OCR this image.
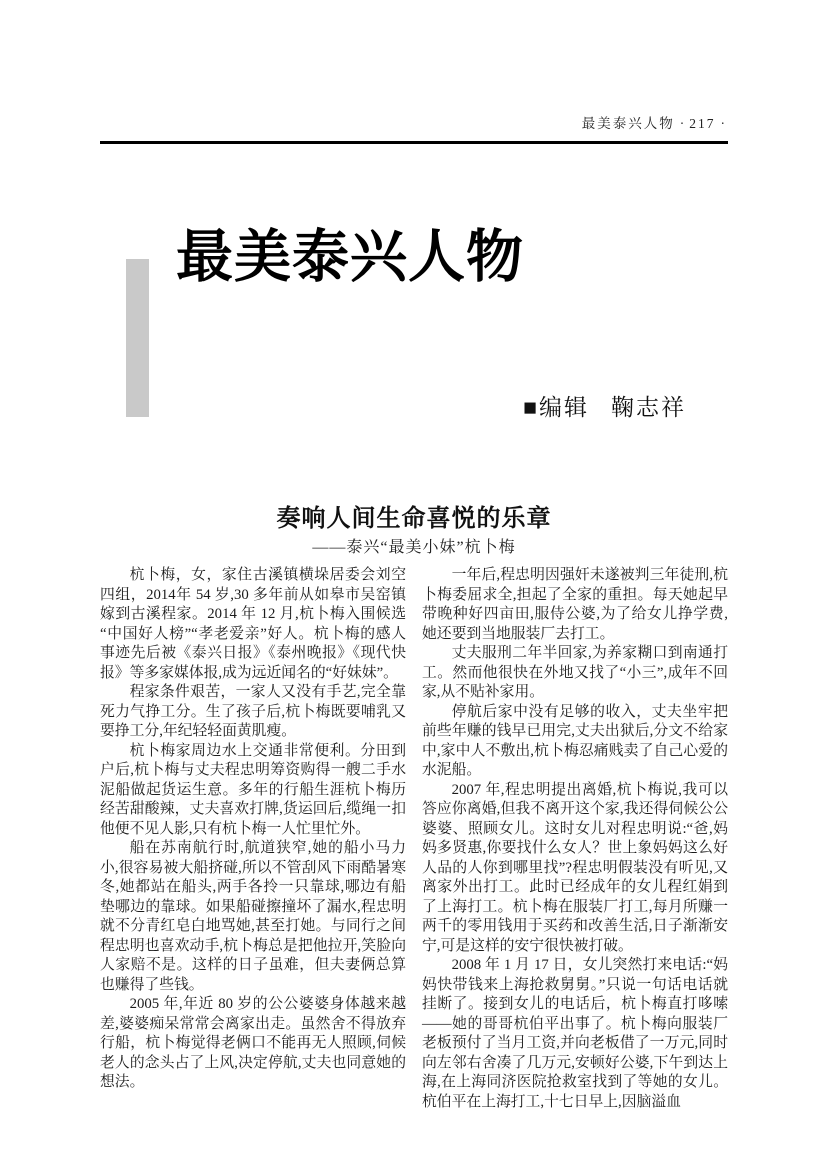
最美泰兴人物 · 217 ·
最美泰兴人物
■编辑 鞠志祥
奏响人间生命喜悦的乐章
——泰兴“最美小妹”杭卜梅

杭卜梅，女，家住古溪镇横垛居委会刘空四组，2014年 54 岁,30 多年前从如皋市吴窑镇嫁到古溪程家。2014 年 12 月,杭卜梅入围候选“中国好人榜”“孝老爱亲”好人。杭卜梅的感人事迹先后被《泰兴日报》《泰州晚报》《现代快报》等多家媒体报,成为远近闻名的“好妹妹”。

程家条件艰苦，一家人又没有手艺,完全靠死力气挣工分。生了孩子后,杭卜梅既要哺乳又要挣工分,年纪轻轻面黄肌瘦。

杭卜梅家周边水上交通非常便利。分田到户后,杭卜梅与丈夫程忠明筹资购得一艘二手水泥船做起货运生意。多年的行船生涯杭卜梅历经苦甜酸辣，丈夫喜欢打牌,货运回后,缆绳一扣他便不见人影,只有杭卜梅一人忙里忙外。

船在苏南航行时,航道狭窄,她的船小马力小,很容易被大船挤碰,所以不管刮风下雨酷暑寒冬,她都站在船头,两手各拎一只靠球,哪边有船垫哪边的靠球。如果船碰擦撞坏了漏水,程忠明就不分青红皂白地骂她,甚至打她。与同行之间程忠明也喜欢动手,杭卜梅总是把他拉开,笑脸向人家赔不是。这样的日子虽难，但夫妻俩总算也赚得了些钱。

2005 年,年近 80 岁的公公婆婆身体越来越差,婆婆痴呆常常会离家出走。虽然舍不得放弃行船，杭卜梅觉得老俩口不能再无人照顾,伺候老人的念头占了上风,决定停航,丈夫也同意她的想法。

一年后,程忠明因强奸未遂被判三年徒刑,杭卜梅委屈求全,担起了全家的重担。每天她起早带晚种好四亩田,服侍公婆,为了给女儿挣学费,她还要到当地服装厂去打工。

丈夫服刑二年半回家,为养家糊口到南通打工。然而他很快在外地又找了“小三”,成年不回家,从不贴补家用。

停航后家中没有足够的收入，丈夫坐牢把前些年赚的钱早已用完,丈夫出狱后,分文不给家中,家中人不敷出,杭卜梅忍痛贱卖了自己心爱的水泥船。

2007 年,程忠明提出离婚,杭卜梅说,我可以答应你离婚,但我不离开这个家,我还得伺候公公婆婆、照顾女儿。这时女儿对程忠明说:“爸,妈妈多贤惠,你要找什么女人？世上象妈妈这么好人品的人你到哪里找”?程忠明假装没有听见,又离家外出打工。此时已经成年的女儿程红娟到了上海打工。杭卜梅在服装厂打工,每月所赚一两千的零用钱用于买药和改善生活,日子渐渐安宁,可是这样的安宁很快被打破。

2008 年 1 月 17 日，女儿突然打来电话:“妈妈快带钱来上海抢救舅舅。”只说一句话电话就挂断了。接到女儿的电话后，杭卜梅直打哆嗦——她的哥哥杭伯平出事了。杭卜梅向服装厂老板预付了当月工资,并向老板借了一万元,同时向左邻右舍凑了几万元,安顿好公婆,下午到达上海,在上海同济医院抢救室找到了等她的女儿。杭伯平在上海打工,十七日早上,因脑溢血
